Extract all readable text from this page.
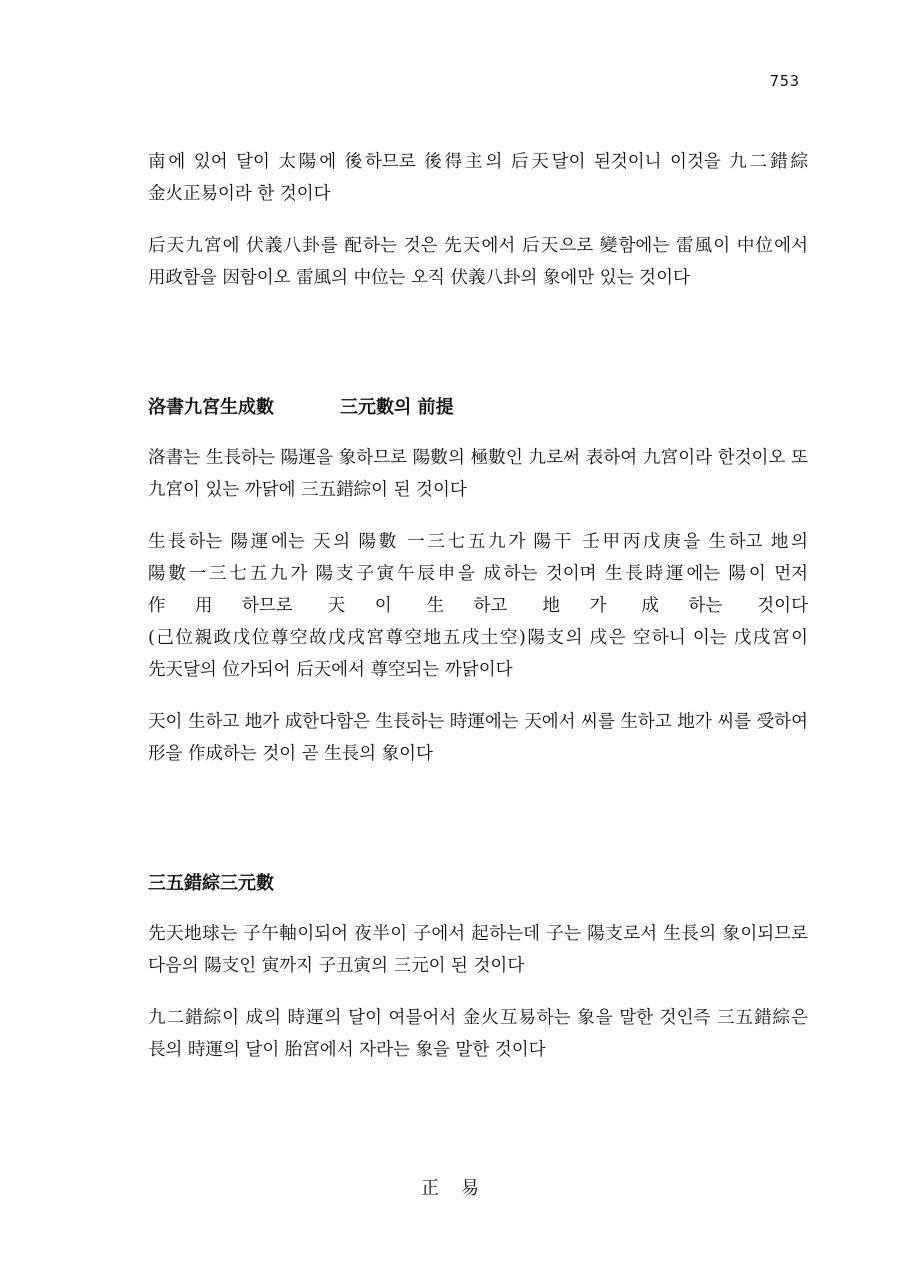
753

南에 있어 달이 太陽에 後하므로 後得主의 后天달이 된것이니 이것을 九二錯綜 金火正易이라 한 것이다

后天九宮에 伏義八卦를 配하는 것은 先天에서 后天으로 變함에는 雷風이 中位에서 用政함을 因함이오 雷風의 中位는 오직 伏義八卦의 象에만 있는 것이다

洛書九宮生成數	三元數의 前提

洛書는 生長하는 陽運을 象하므로 陽數의 極數인 九로써 表하여 九宮이라 한것이오 또 九宮이 있는 까닭에 三五錯綜이 된 것이다

生長하는 陽運에는 天의 陽數 一三七五九가 陽干 壬甲丙戊庚을 生하고 地의 陽數一三七五九가 陽支子寅午辰申을 成하는 것이며 生長時運에는 陽이 먼저 作用하므로 天이 生하고 地가 成하는 것이다 (己位親政戊位尊空故戊戌宮尊空地五戌土空)陽支의 戌은 空하니 이는 戊戌宮이 先天달의 位가되어 后天에서 尊空되는 까닭이다

天이 生하고 地가 成한다함은 生長하는 時運에는 天에서 씨를 生하고 地가 씨를 受하여 形을 作成하는 것이 곧 生長의 象이다

三五錯綜三元數

先天地球는 子午軸이되어 夜半이 子에서 起하는데 子는 陽支로서 生長의 象이되므로 다음의 陽支인 寅까지 子丑寅의 三元이 된 것이다

九二錯綜이 成의 時運의 달이 여믈어서 金火互易하는 象을 말한 것인즉 三五錯綜은 長의 時運의 달이 胎宮에서 자라는 象을 말한 것이다

正易
